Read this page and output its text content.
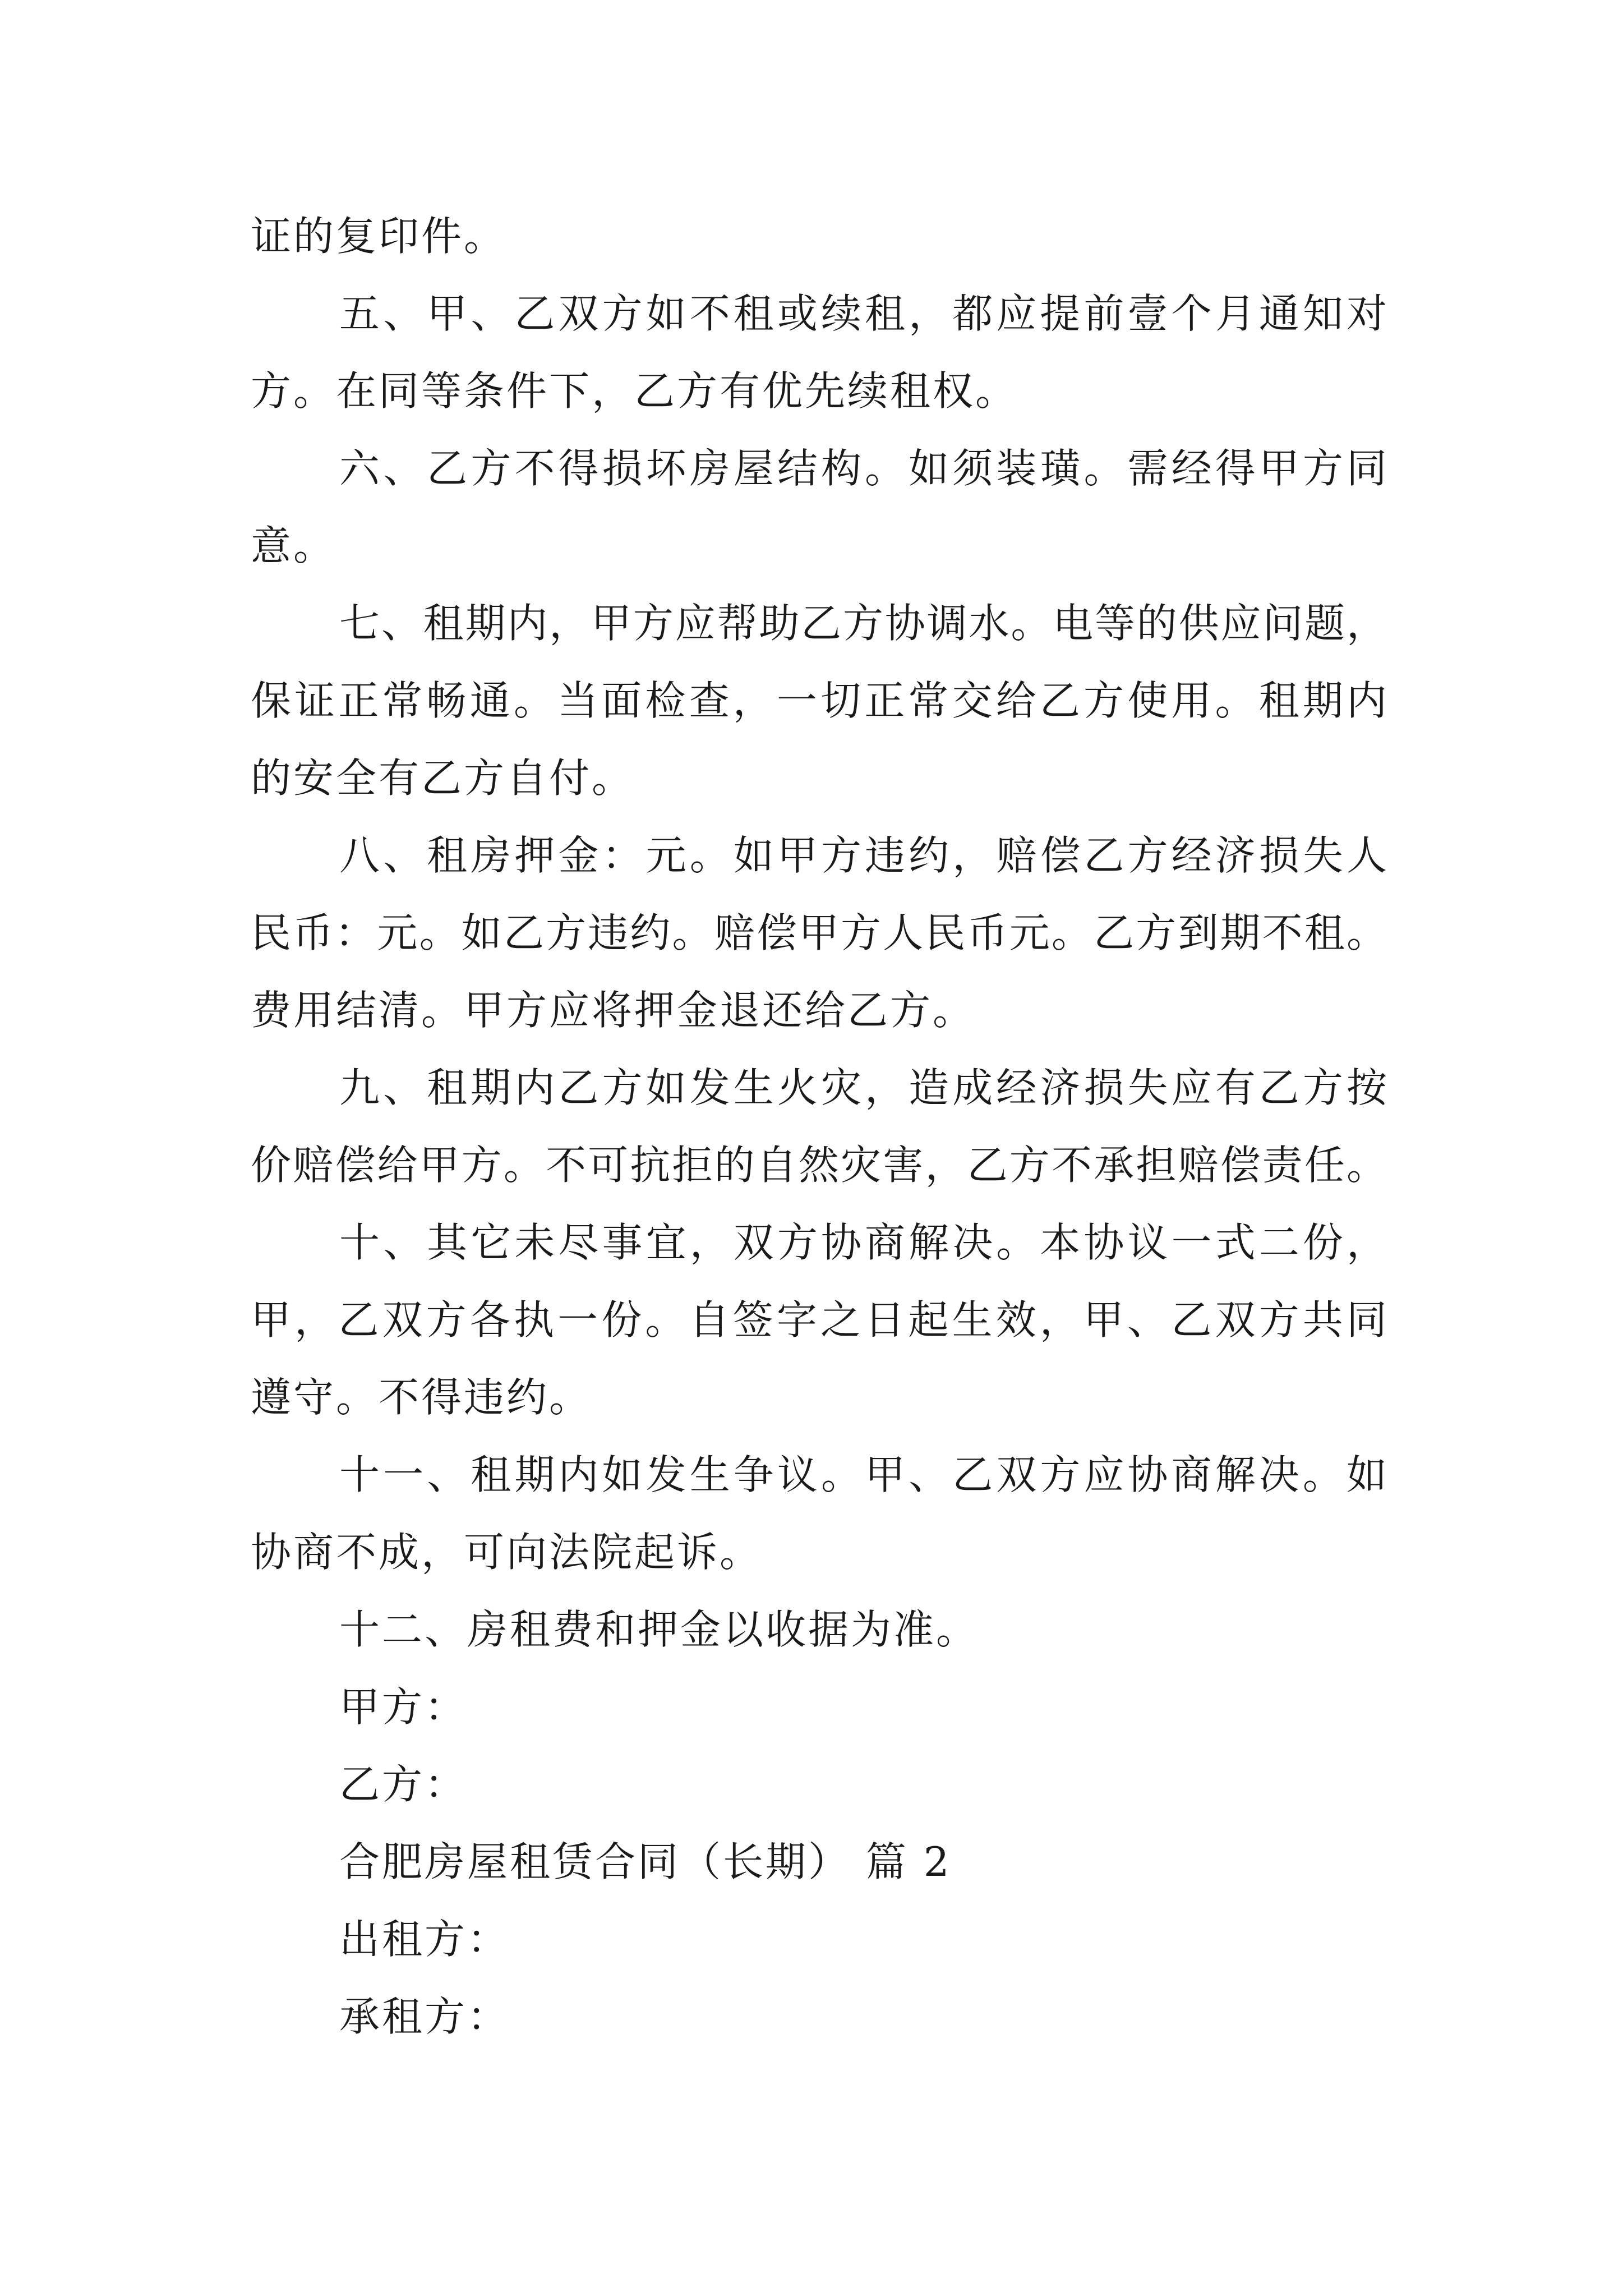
证的复印件。
五、甲、乙双方如不租或续租，都应提前壹个月通知对
方。在同等条件下，乙方有优先续租权。
六、乙方不得损坏房屋结构。如须装璜。需经得甲方同
意。
七、租期内，甲方应帮助乙方协调水。电等的供应问题，
保证正常畅通。当面检查，一切正常交给乙方使用。租期内
的安全有乙方自付。
八、租房押金：元。如甲方违约，赔偿乙方经济损失人
民币：元。如乙方违约。赔偿甲方人民币元。乙方到期不租。
费用结清。甲方应将押金退还给乙方。
九、租期内乙方如发生火灾，造成经济损失应有乙方按
价赔偿给甲方。不可抗拒的自然灾害，乙方不承担赔偿责任。
十、其它未尽事宜，双方协商解决。本协议一式二份，
甲，乙双方各执一份。自签字之日起生效，甲、乙双方共同
遵守。不得违约。
十一、租期内如发生争议。甲、乙双方应协商解决。如
协商不成，可向法院起诉。
十二、房租费和押金以收据为准。
甲方：
乙方：
合肥房屋租赁合同（长期） 篇 2
出租方：
承租方：
